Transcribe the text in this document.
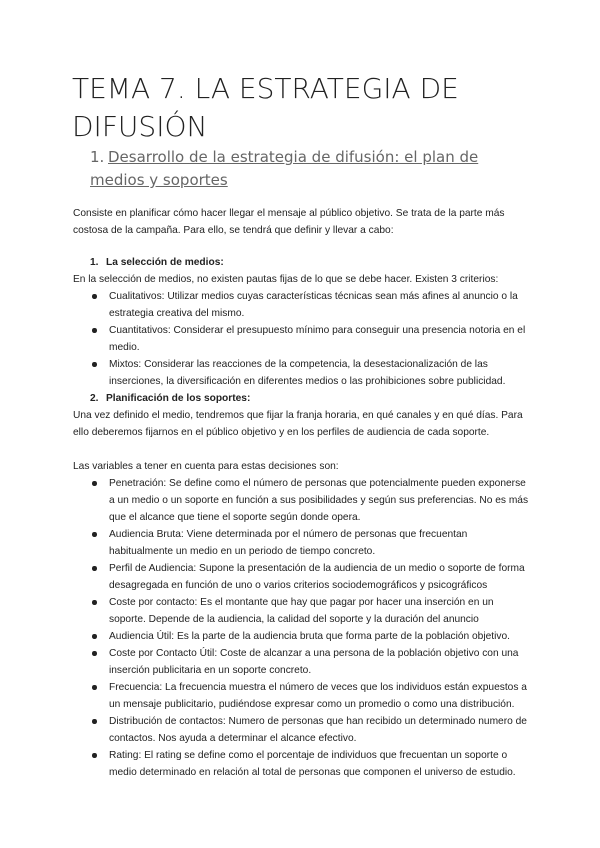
TEMA 7. LA ESTRATEGIA DE DIFUSIÓN

1. Desarrollo de la estrategia de difusión: el plan de medios y soportes

Consiste en planificar cómo hacer llegar el mensaje al público objetivo. Se trata de la parte más costosa de la campaña. Para ello, se tendrá que definir y llevar a cabo:

1. La selección de medios:

En la selección de medios, no existen pautas fijas de lo que se debe hacer. Existen 3 criterios:

Cualitativos: Utilizar medios cuyas características técnicas sean más afines al anuncio o la estrategia creativa del mismo.
Cuantitativos: Considerar el presupuesto mínimo para conseguir una presencia notoria en el medio.
Mixtos: Considerar las reacciones de la competencia, la desestacionalización de las inserciones, la diversificación en diferentes medios o las prohibiciones sobre publicidad.

2. Planificación de los soportes:

Una vez definido el medio, tendremos que fijar la franja horaria, en qué canales y en qué días. Para ello deberemos fijarnos en el público objetivo y en los perfiles de audiencia de cada soporte.

Las variables a tener en cuenta para estas decisiones son:

Penetración: Se define como el número de personas que potencialmente pueden exponerse a un medio o un soporte en función a sus posibilidades y según sus preferencias. No es más que el alcance que tiene el soporte según donde opera.
Audiencia Bruta: Viene determinada por el número de personas que frecuentan habitualmente un medio en un periodo de tiempo concreto.
Perfil de Audiencia: Supone la presentación de la audiencia de un medio o soporte de forma desagregada en función de uno o varios criterios sociodemográficos y psicográficos
Coste por contacto: Es el montante que hay que pagar por hacer una inserción en un soporte. Depende de la audiencia, la calidad del soporte y la duración del anuncio
Audiencia Útil: Es la parte de la audiencia bruta que forma parte de la población objetivo.
Coste por Contacto Útil: Coste de alcanzar a una persona de la población objetivo con una inserción publicitaria en un soporte concreto.
Frecuencia: La frecuencia muestra el número de veces que los individuos están expuestos a un mensaje publicitario, pudiéndose expresar como un promedio o como una distribución.
Distribución de contactos: Numero de personas que han recibido un determinado numero de contactos. Nos ayuda a determinar el alcance efectivo.
Rating: El rating se define como el porcentaje de individuos que frecuentan un soporte o medio determinado en relación al total de personas que componen el universo de estudio.
